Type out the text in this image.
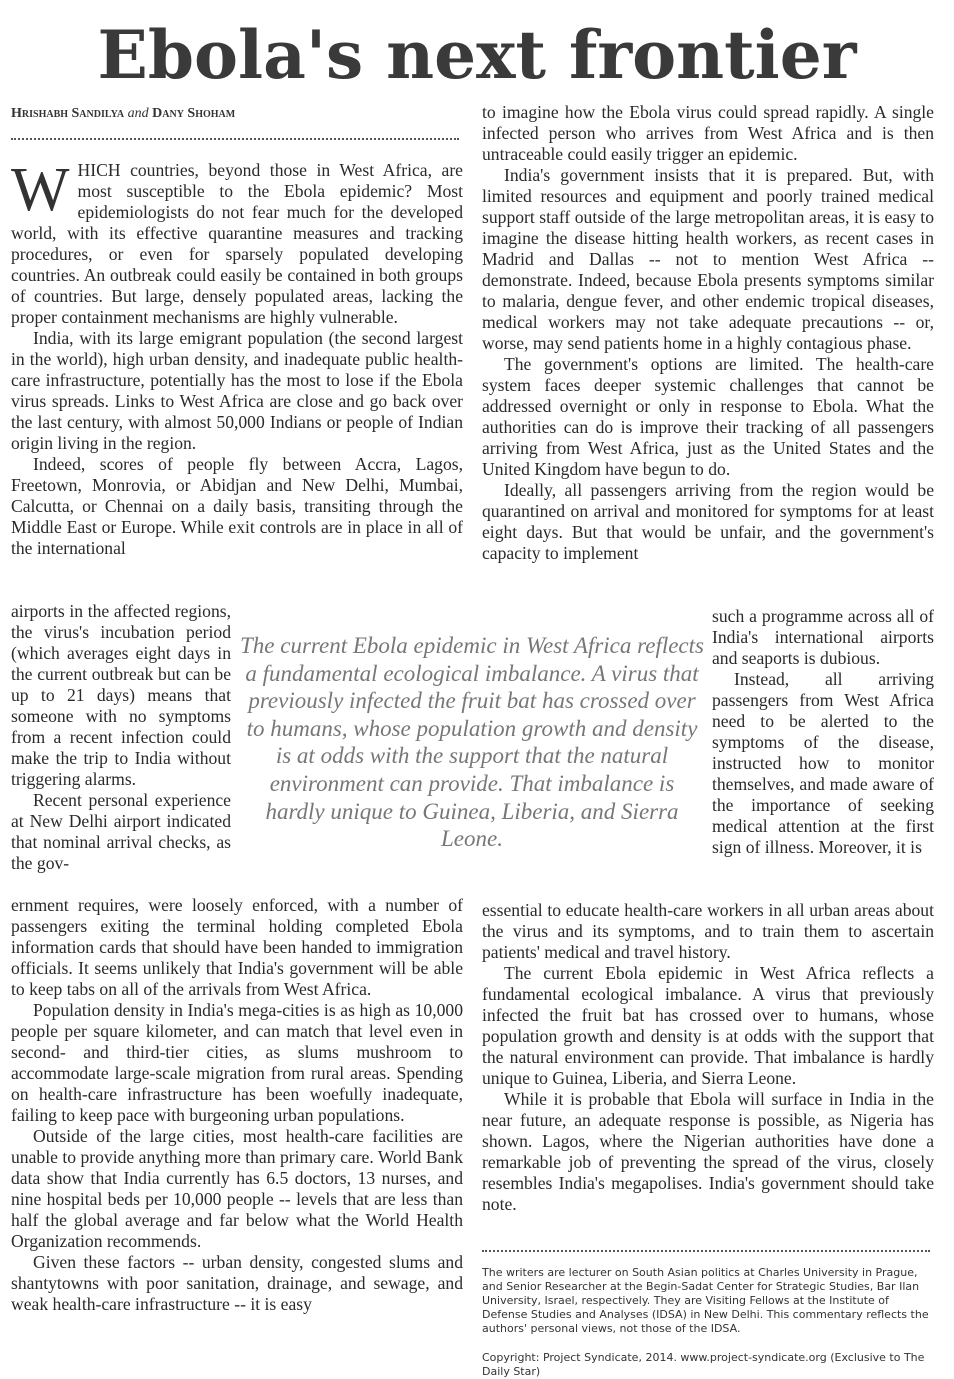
Ebola's next frontier
Hrishabh Sandilya and Dany Shoham

WHICH countries, beyond those in West Africa, are most susceptible to the Ebola epidemic? Most epidemiologists do not fear much for the developed world, with its effective quarantine measures and tracking procedures, or even for sparsely populated developing countries. An outbreak could easily be contained in both groups of countries. But large, densely populated areas, lacking the proper containment mechanisms are highly vulnerable.

India, with its large emigrant population (the second largest in the world), high urban density, and inadequate public health-care infrastructure, potentially has the most to lose if the Ebola virus spreads. Links to West Africa are close and go back over the last century, with almost 50,000 Indians or people of Indian origin living in the region.

Indeed, scores of people fly between Accra, Lagos, Freetown, Monrovia, or Abidjan and New Delhi, Mumbai, Calcutta, or Chennai on a daily basis, transiting through the Middle East or Europe. While exit controls are in place in all of the international

airports in the affected regions, the virus's incubation period (which averages eight days in the current outbreak but can be up to 21 days) means that someone with no symptoms from a recent infection could make the trip to India without triggering alarms.

Recent personal experience at New Delhi airport indicated that nominal arrival checks, as the gov-

ernment requires, were loosely enforced, with a number of passengers exiting the terminal holding completed Ebola information cards that should have been handed to immigration officials. It seems unlikely that India's government will be able to keep tabs on all of the arrivals from West Africa.

Population density in India's mega-cities is as high as 10,000 people per square kilometer, and can match that level even in second- and third-tier cities, as slums mushroom to accommodate large-scale migration from rural areas. Spending on health-care infrastructure has been woefully inadequate, failing to keep pace with burgeoning urban populations.

Outside of the large cities, most health-care facilities are unable to provide anything more than primary care. World Bank data show that India currently has 6.5 doctors, 13 nurses, and nine hospital beds per 10,000 people -- levels that are less than half the global average and far below what the World Health Organization recommends.

Given these factors -- urban density, congested slums and shantytowns with poor sanitation, drainage, and sewage, and weak health-care infrastructure -- it is easy

to imagine how the Ebola virus could spread rapidly. A single infected person who arrives from West Africa and is then untraceable could easily trigger an epidemic.

India's government insists that it is prepared. But, with limited resources and equipment and poorly trained medical support staff outside of the large metropolitan areas, it is easy to imagine the disease hitting health workers, as recent cases in Madrid and Dallas -- not to mention West Africa -- demonstrate. Indeed, because Ebola presents symptoms similar to malaria, dengue fever, and other endemic tropical diseases, medical workers may not take adequate precautions -- or, worse, may send patients home in a highly contagious phase.

The government's options are limited. The health-care system faces deeper systemic challenges that cannot be addressed overnight or only in response to Ebola. What the authorities can do is improve their tracking of all passengers arriving from West Africa, just as the United States and the United Kingdom have begun to do.

Ideally, all passengers arriving from the region would be quarantined on arrival and monitored for symptoms for at least eight days. But that would be unfair, and the government's capacity to implement

such a programme across all of India's international airports and seaports is dubious.

Instead, all arriving passengers from West Africa need to be alerted to the symptoms of the disease, instructed how to monitor themselves, and made aware of the importance of seeking medical attention at the first sign of illness. Moreover, it is

The current Ebola epidemic in West Africa reflects a fundamental ecological imbalance. A virus that previously infected the fruit bat has crossed over to humans, whose population growth and density is at odds with the support that the natural environment can provide. That imbalance is hardly unique to Guinea, Liberia, and Sierra Leone.

essential to educate health-care workers in all urban areas about the virus and its symptoms, and to train them to ascertain patients' medical and travel history.

The current Ebola epidemic in West Africa reflects a fundamental ecological imbalance. A virus that previously infected the fruit bat has crossed over to humans, whose population growth and density is at odds with the support that the natural environment can provide. That imbalance is hardly unique to Guinea, Liberia, and Sierra Leone.

While it is probable that Ebola will surface in India in the near future, an adequate response is possible, as Nigeria has shown. Lagos, where the Nigerian authorities have done a remarkable job of preventing the spread of the virus, closely resembles India's megapolises. India's government should take note.

The writers are lecturer on South Asian politics at Charles University in Prague, and Senior Researcher at the Begin-Sadat Center for Strategic Studies, Bar Ilan University, Israel, respectively. They are Visiting Fellows at the Institute of Defense Studies and Analyses (IDSA) in New Delhi. This commentary reflects the authors' personal views, not those of the IDSA.
Copyright: Project Syndicate, 2014. www.project-syndicate.org (Exclusive to The Daily Star)
